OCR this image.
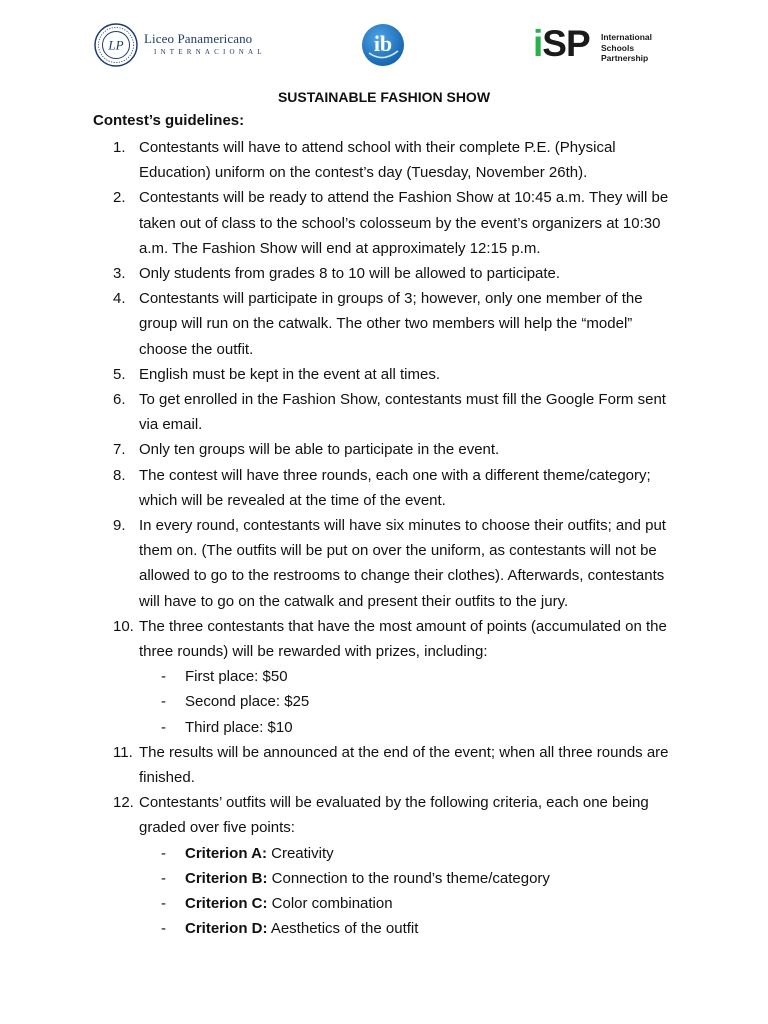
LP Liceo Panamericano
INTERNACIONAL	ib	iSP International
Schools
Partnership
SUSTAINABLE FASHION SHOW
Contest’s guidelines:
1. Contestants will have to attend school with their complete P.E. (Physical Education) uniform on the contest’s day (Tuesday, November 26th).
2. Contestants will be ready to attend the Fashion Show at 10:45 a.m. They will be taken out of class to the school’s colosseum by the event’s organizers at 10:30 a.m. The Fashion Show will end at approximately 12:15 p.m.
3. Only students from grades 8 to 10 will be allowed to participate.
4. Contestants will participate in groups of 3; however, only one member of the group will run on the catwalk. The other two members will help the “model” choose the outfit.
5. English must be kept in the event at all times.
6. To get enrolled in the Fashion Show, contestants must fill the Google Form sent via email.
7. Only ten groups will be able to participate in the event.
8. The contest will have three rounds, each one with a different theme/category; which will be revealed at the time of the event.
9. In every round, contestants will have six minutes to choose their outfits; and put them on. (The outfits will be put on over the uniform, as contestants will not be allowed to go to the restrooms to change their clothes). Afterwards, contestants will have to go on the catwalk and present their outfits to the jury.
10. The three contestants that have the most amount of points (accumulated on the three rounds) will be rewarded with prizes, including:
- First place: $50
- Second place: $25
- Third place: $10
11. The results will be announced at the end of the event; when all three rounds are finished.
12. Contestants’ outfits will be evaluated by the following criteria, each one being graded over five points:
- Criterion A: Creativity
- Criterion B: Connection to the round’s theme/category
- Criterion C: Color combination
- Criterion D: Aesthetics of the outfit
